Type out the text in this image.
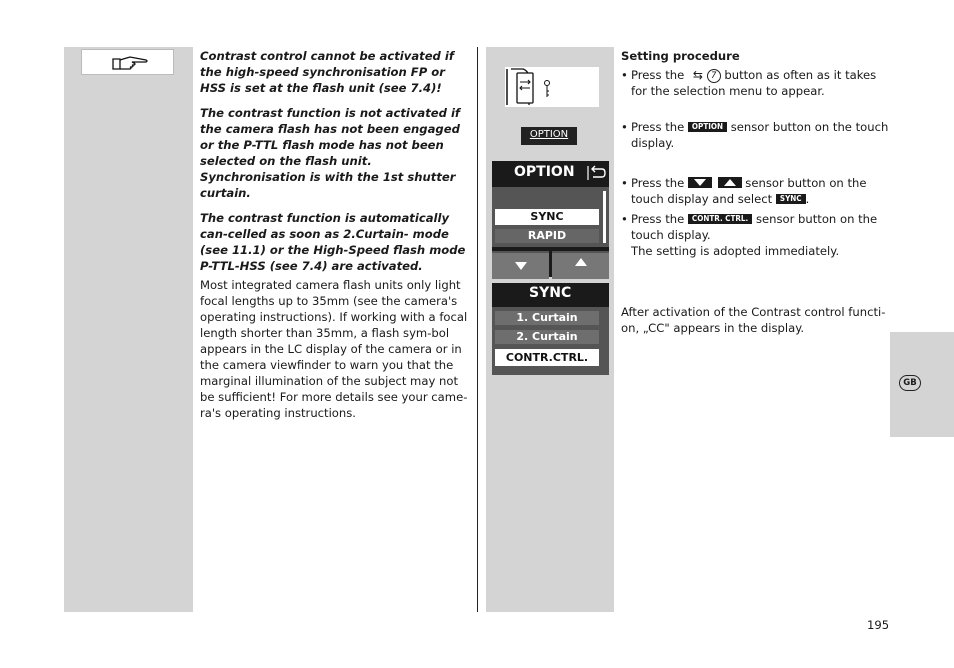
Contrast control cannot be activated if the high-speed synchronisation FP or HSS is set at the flash unit (see 7.4)!

The contrast function is not activated if the camera flash has not been engaged or the P-TTL flash mode has not been selected on the flash unit. Synchronisation is with the 1st shutter curtain.

The contrast function is automatically can-celled as soon as 2.Curtain- mode (see 11.1) or the High-Speed flash mode P-TTL-HSS (see 7.4) are activated.

Most integrated camera flash units only light focal lengths up to 35mm (see the camera's operating instructions). If working with a focal length shorter than 35mm, a flash sym-bol appears in the LC display of the camera or in the camera viewfinder to warn you that the marginal illumination of the subject may not be sufficient! For more details see your came-ra's operating instructions.
OPTION
OPTION
SYNC
RAPID
SYNC
1. Curtain
2. Curtain
CONTR.CTRL.

Setting procedure

• Press the ⇆ 7 button as often as it takes for the selection menu to appear.
• Press the OPTION sensor button on the touch display.
• Press the
	sensor button on the touch display and select SYNC .
• Press the CONTR. CTRL. sensor button on the touch display.
The setting is adopted immediately.
After activation of the Contrast control functi-on, „CC" appears in the display.
GB
195
